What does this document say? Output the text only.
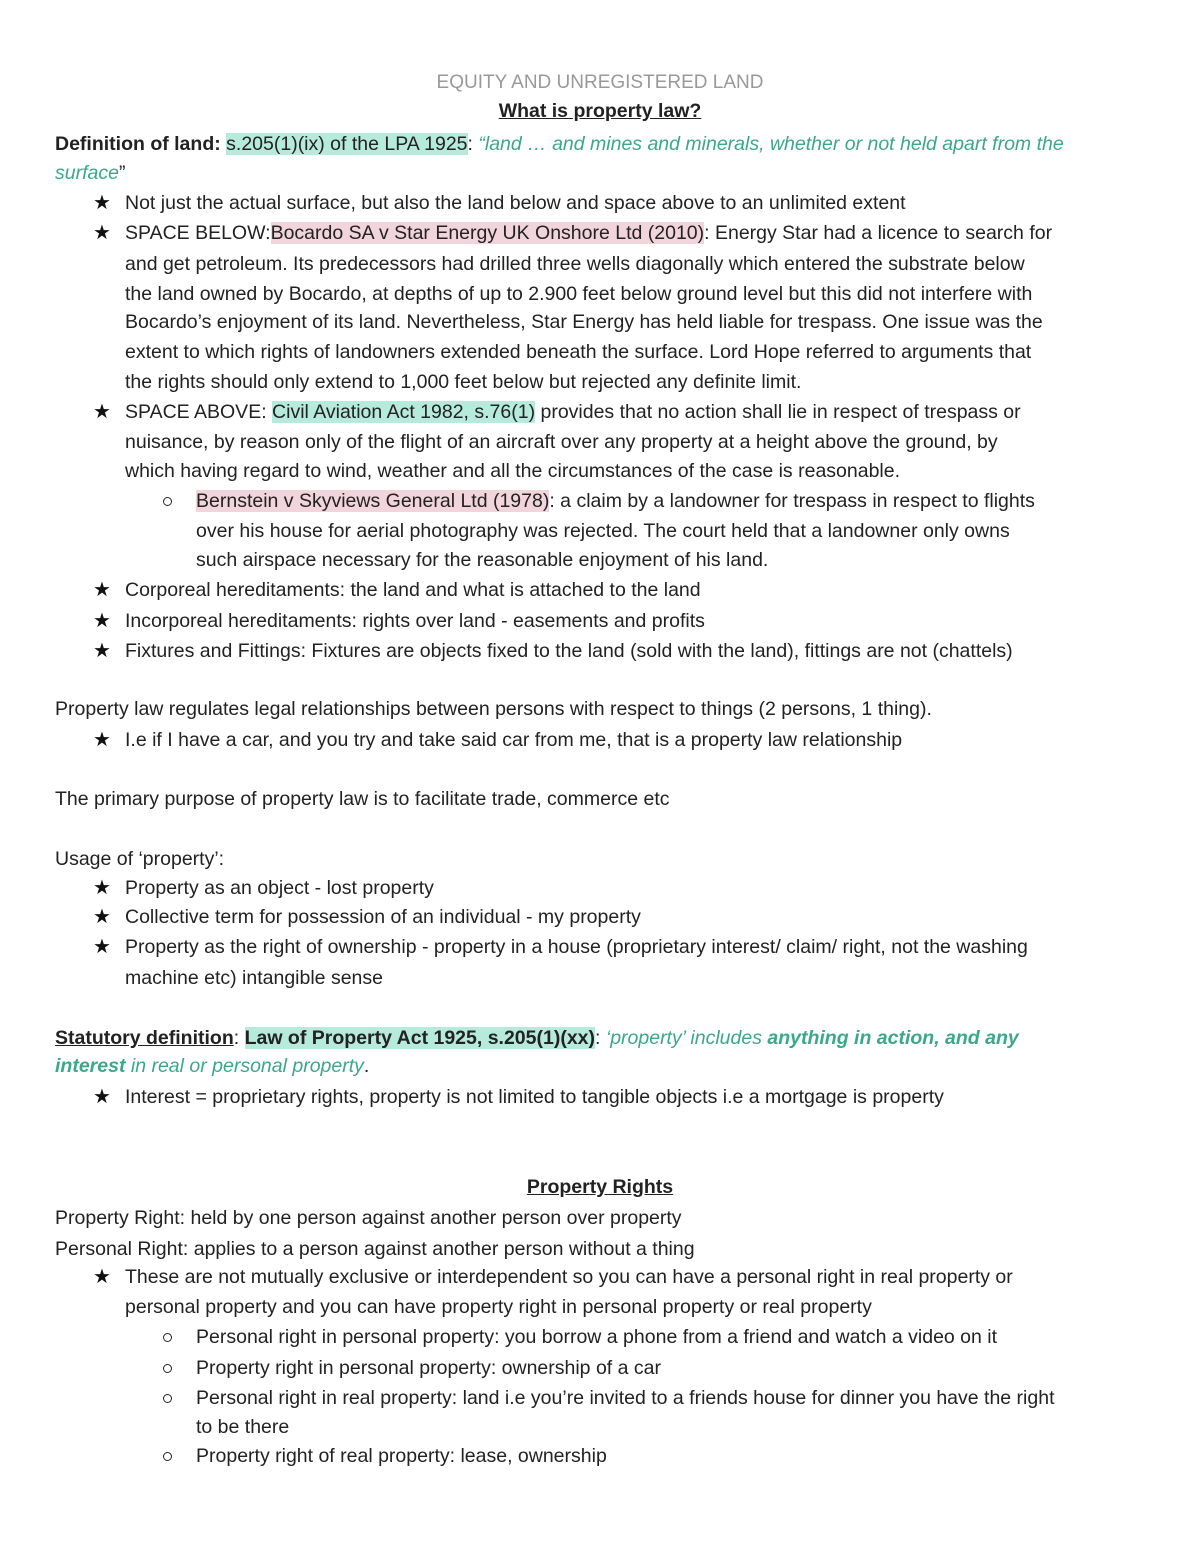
EQUITY AND UNREGISTERED LAND
What is property law?
Definition of land: s.205(1)(ix) of the LPA 1925: “land … and mines and minerals, whether or not held apart from the
surface”
★ Not just the actual surface, but also the land below and space above to an unlimited extent
★ SPACE BELOW:Bocardo SA v Star Energy UK Onshore Ltd (2010): Energy Star had a licence to search for
and get petroleum. Its predecessors had drilled three wells diagonally which entered the substrate below
the land owned by Bocardo, at depths of up to 2.900 feet below ground level but this did not interfere with
Bocardo’s enjoyment of its land. Nevertheless, Star Energy has held liable for trespass. One issue was the
extent to which rights of landowners extended beneath the surface. Lord Hope referred to arguments that
the rights should only extend to 1,000 feet below but rejected any definite limit.
★ SPACE ABOVE: Civil Aviation Act 1982, s.76(1) provides that no action shall lie in respect of trespass or
nuisance, by reason only of the flight of an aircraft over any property at a height above the ground, by
which having regard to wind, weather and all the circumstances of the case is reasonable.
Bernstein v Skyviews General Ltd (1978): a claim by a landowner for trespass in respect to flights
over his house for aerial photography was rejected. The court held that a landowner only owns
such airspace necessary for the reasonable enjoyment of his land.
★ Corporeal hereditaments: the land and what is attached to the land
★ Incorporeal hereditaments: rights over land - easements and profits
★ Fixtures and Fittings: Fixtures are objects fixed to the land (sold with the land), fittings are not (chattels)
Property law regulates legal relationships between persons with respect to things (2 persons, 1 thing).
★ I.e if I have a car, and you try and take said car from me, that is a property law relationship
The primary purpose of property law is to facilitate trade, commerce etc
Usage of ‘property’:
★ Property as an object - lost property
★ Collective term for possession of an individual - my property
★ Property as the right of ownership - property in a house (proprietary interest/ claim/ right, not the washing
machine etc) intangible sense
Statutory definition: Law of Property Act 1925, s.205(1)(xx): ‘property’ includes anything in action, and any
interest in real or personal property.
★ Interest = proprietary rights, property is not limited to tangible objects i.e a mortgage is property
Property Rights
Property Right: held by one person against another person over property
Personal Right: applies to a person against another person without a thing
★ These are not mutually exclusive or interdependent so you can have a personal right in real property or
personal property and you can have property right in personal property or real property
Personal right in personal property: you borrow a phone from a friend and watch a video on it
Property right in personal property: ownership of a car
Personal right in real property: land i.e you’re invited to a friends house for dinner you have the right
to be there
Property right of real property: lease, ownership
